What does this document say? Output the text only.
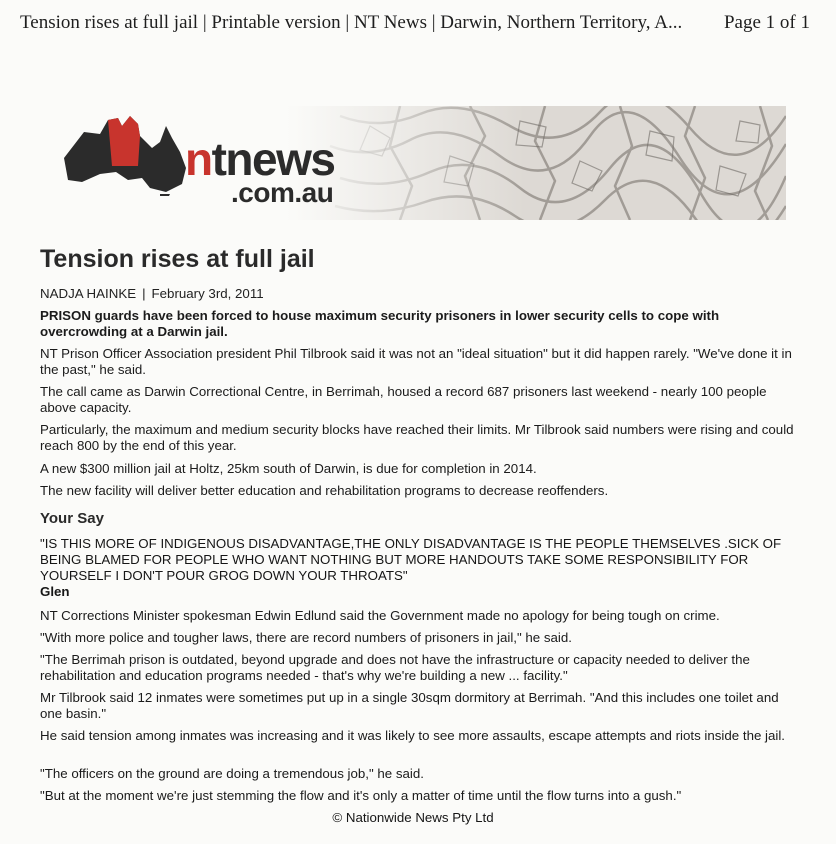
Tension rises at full jail | Printable version | NT News | Darwin, Northern Territory, A... Page 1 of 1
ntnews
.com.au
Tension rises at full jail
NADJA HAINKE | February 3rd, 2011

PRISON guards have been forced to house maximum security prisoners in lower security cells to cope with overcrowding at a Darwin jail.

NT Prison Officer Association president Phil Tilbrook said it was not an "ideal situation" but it did happen rarely. "We've done it in the past," he said.

The call came as Darwin Correctional Centre, in Berrimah, housed a record 687 prisoners last weekend - nearly 100 people above capacity.

Particularly, the maximum and medium security blocks have reached their limits. Mr Tilbrook said numbers were rising and could reach 800 by the end of this year.

A new $300 million jail at Holtz, 25km south of Darwin, is due for completion in 2014.

The new facility will deliver better education and rehabilitation programs to decrease reoffenders.

Your Say

"IS THIS MORE OF INDIGENOUS DISADVANTAGE,THE ONLY DISADVANTAGE IS THE PEOPLE THEMSELVES .SICK OF BEING BLAMED FOR PEOPLE WHO WANT NOTHING BUT MORE HANDOUTS TAKE SOME RESPONSIBILITY FOR YOURSELF I DON'T POUR GROG DOWN YOUR THROATS"

Glen

NT Corrections Minister spokesman Edwin Edlund said the Government made no apology for being tough on crime.

"With more police and tougher laws, there are record numbers of prisoners in jail," he said.

"The Berrimah prison is outdated, beyond upgrade and does not have the infrastructure or capacity needed to deliver the rehabilitation and education programs needed - that's why we're building a new ... facility."

Mr Tilbrook said 12 inmates were sometimes put up in a single 30sqm dormitory at Berrimah. "And this includes one toilet and one basin."

He said tension among inmates was increasing and it was likely to see more assaults, escape attempts and riots inside the jail.

"The officers on the ground are doing a tremendous job," he said.

"But at the moment we're just stemming the flow and it's only a matter of time until the flow turns into a gush."

© Nationwide News Pty Ltd
